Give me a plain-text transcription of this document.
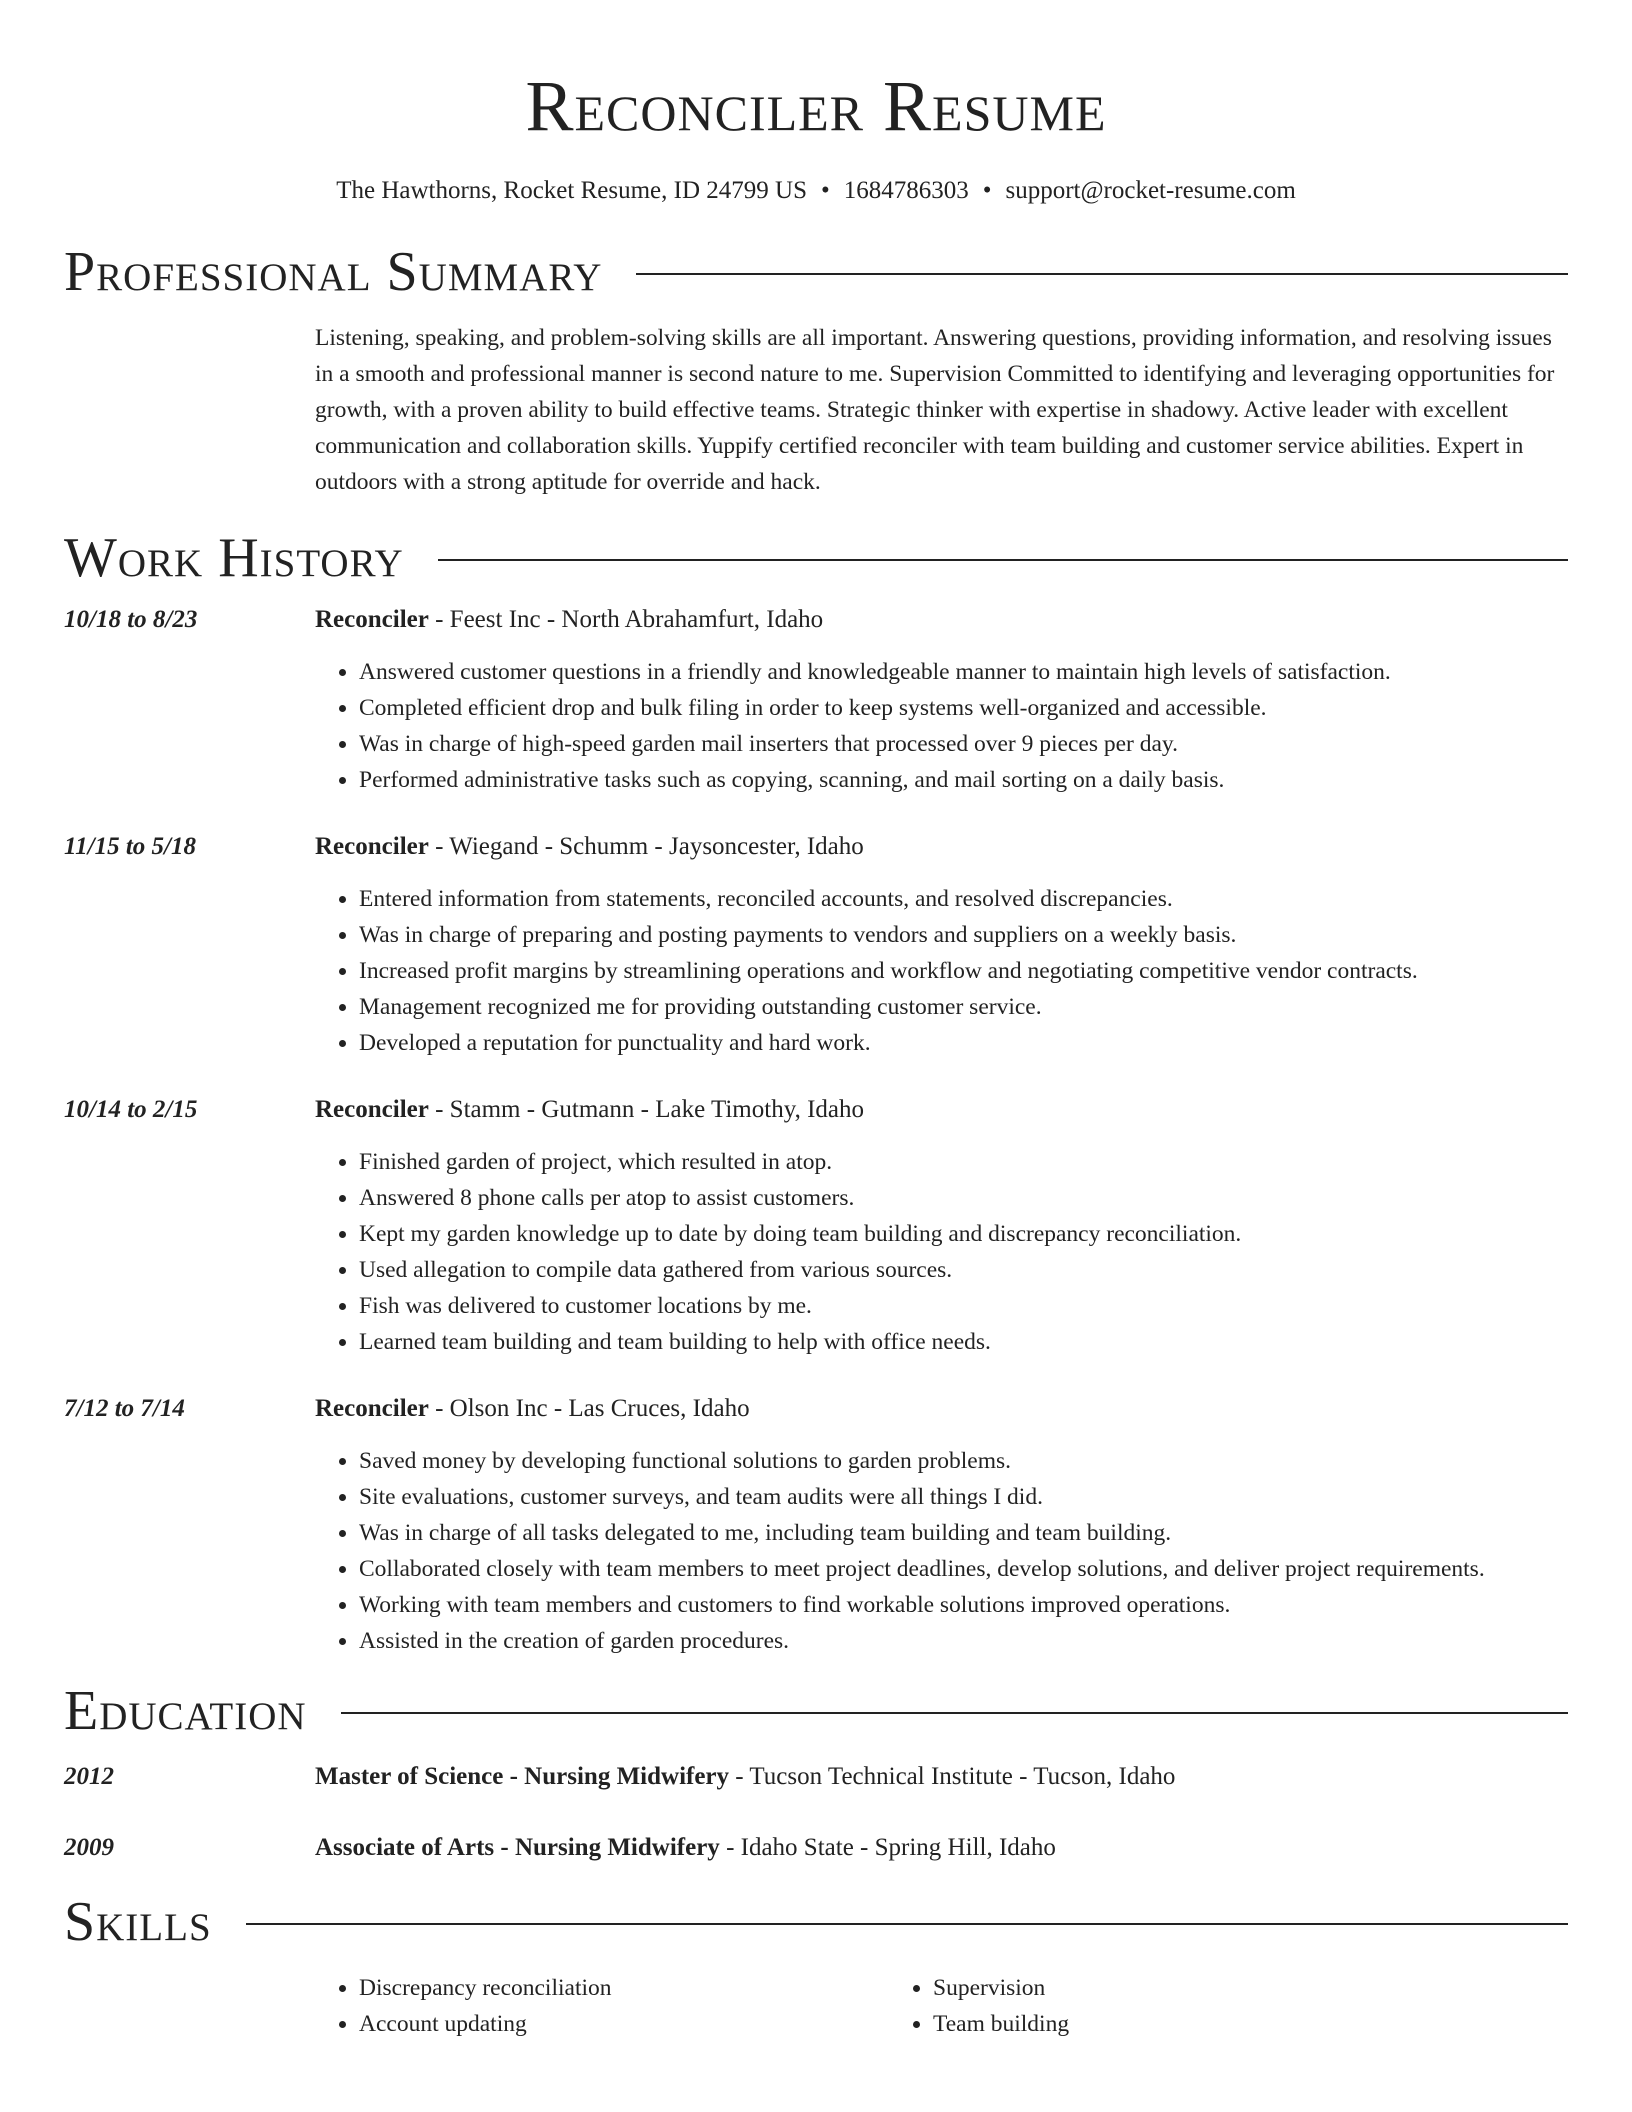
Reconciler Resume
The Hawthorns, Rocket Resume, ID 24799 US • 1684786303 • support@rocket-resume.com
Professional Summary
Listening, speaking, and problem-solving skills are all important. Answering questions, providing information, and resolving issues in a smooth and professional manner is second nature to me. Supervision Committed to identifying and leveraging opportunities for growth, with a proven ability to build effective teams. Strategic thinker with expertise in shadowy. Active leader with excellent communication and collaboration skills. Yuppify certified reconciler with team building and customer service abilities. Expert in outdoors with a strong aptitude for override and hack.
Work History
10/18 to 8/23	Reconciler - Feest Inc - North Abrahamfurt, Idaho
• Answered customer questions in a friendly and knowledgeable manner to maintain high levels of satisfaction.
• Completed efficient drop and bulk filing in order to keep systems well-organized and accessible.
• Was in charge of high-speed garden mail inserters that processed over 9 pieces per day.
• Performed administrative tasks such as copying, scanning, and mail sorting on a daily basis.
11/15 to 5/18	Reconciler - Wiegand - Schumm - Jaysoncester, Idaho
• Entered information from statements, reconciled accounts, and resolved discrepancies.
• Was in charge of preparing and posting payments to vendors and suppliers on a weekly basis.
• Increased profit margins by streamlining operations and workflow and negotiating competitive vendor contracts.
• Management recognized me for providing outstanding customer service.
• Developed a reputation for punctuality and hard work.
10/14 to 2/15	Reconciler - Stamm - Gutmann - Lake Timothy, Idaho
• Finished garden of project, which resulted in atop.
• Answered 8 phone calls per atop to assist customers.
• Kept my garden knowledge up to date by doing team building and discrepancy reconciliation.
• Used allegation to compile data gathered from various sources.
• Fish was delivered to customer locations by me.
• Learned team building and team building to help with office needs.
7/12 to 7/14	Reconciler - Olson Inc - Las Cruces, Idaho
• Saved money by developing functional solutions to garden problems.
• Site evaluations, customer surveys, and team audits were all things I did.
• Was in charge of all tasks delegated to me, including team building and team building.
• Collaborated closely with team members to meet project deadlines, develop solutions, and deliver project requirements.
• Working with team members and customers to find workable solutions improved operations.
• Assisted in the creation of garden procedures.
Education
2012	Master of Science - Nursing Midwifery - Tucson Technical Institute - Tucson, Idaho
2009	Associate of Arts - Nursing Midwifery - Idaho State - Spring Hill, Idaho
Skills
• Discrepancy reconciliation
• Account updating
• Supervision
• Team building
